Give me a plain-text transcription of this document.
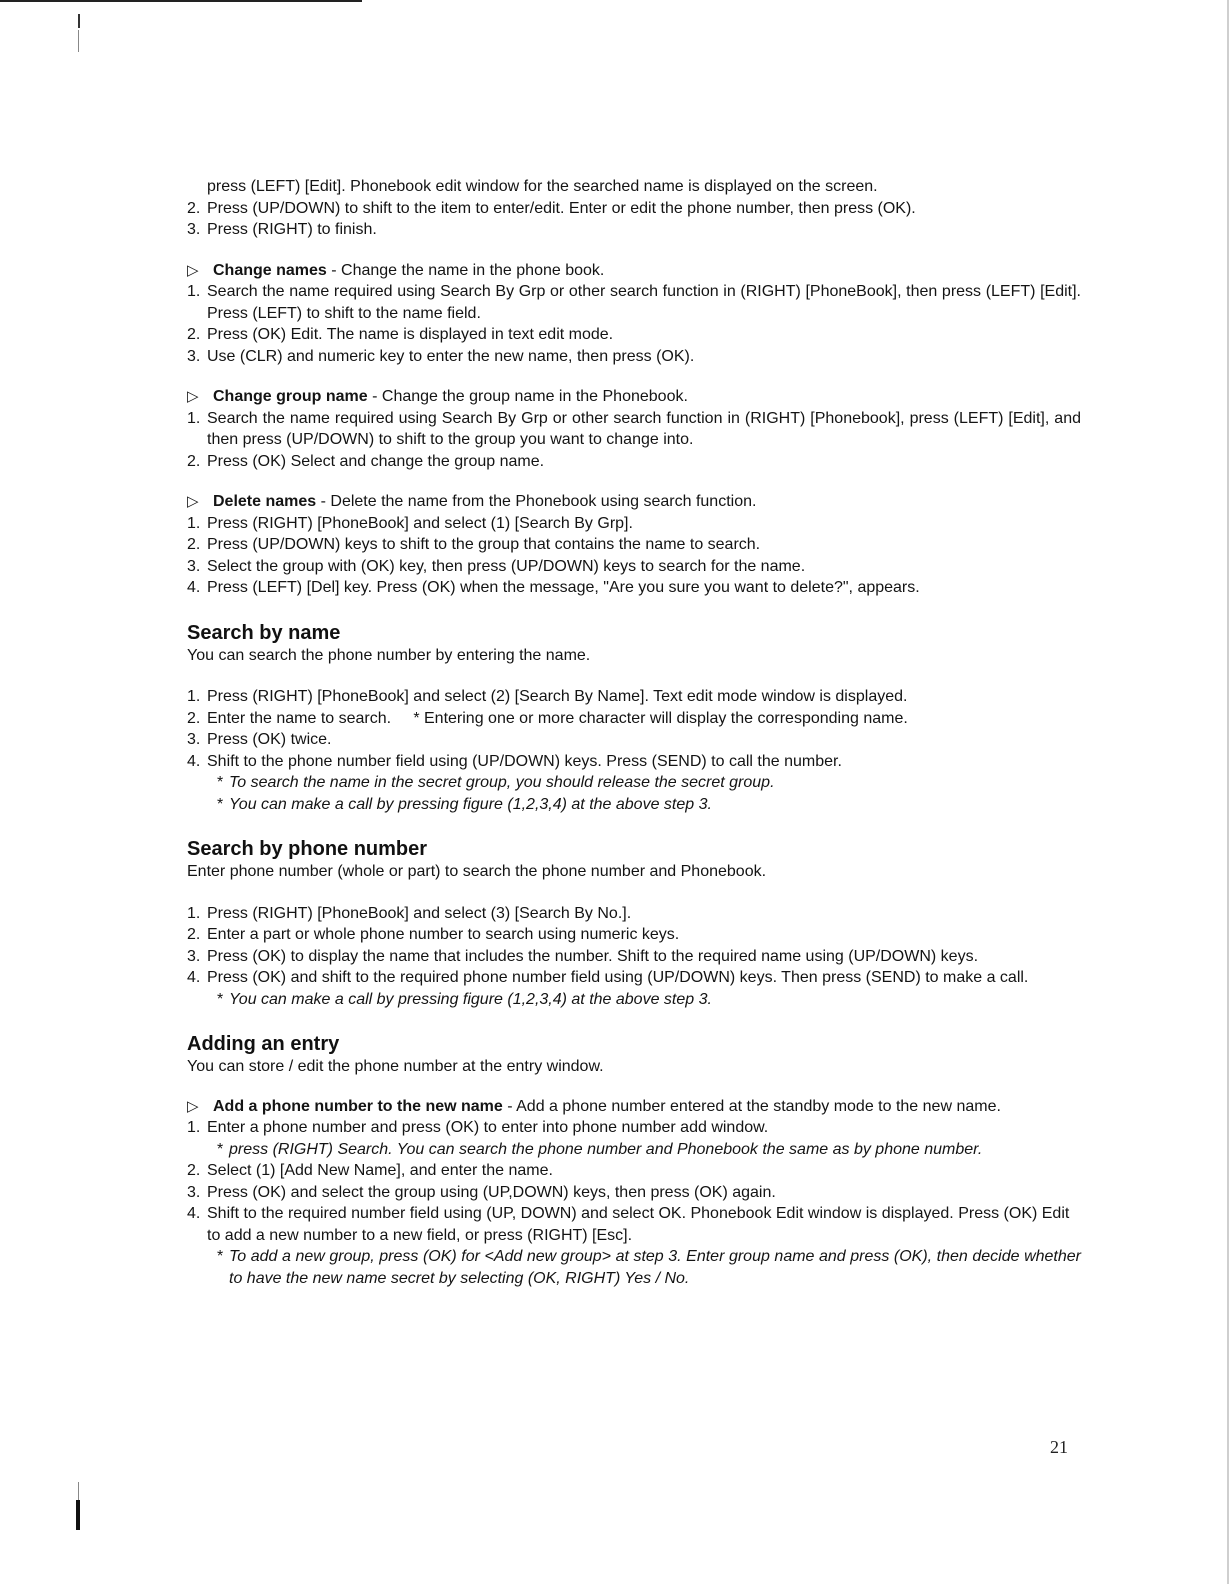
press (LEFT) [Edit]. Phonebook edit window for the searched name is displayed on the screen.

2. Press (UP/DOWN) to shift to the item to enter/edit. Enter or edit the phone number, then press (OK).
3. Press (RIGHT) to finish.

▷ Change names - Change the name in the phone book.

1. Search the name required using Search By Grp or other search function in (RIGHT) [PhoneBook], then press (LEFT) [Edit]. Press (LEFT) to shift to the name field.
2. Press (OK) Edit. The name is displayed in text edit mode.
3. Use (CLR) and numeric key to enter the new name, then press (OK).

▷ Change group name - Change the group name in the Phonebook.

1. Search the name required using Search By Grp or other search function in (RIGHT) [Phonebook], press (LEFT) [Edit], and then press (UP/DOWN) to shift to the group you want to change into.
2. Press (OK) Select and change the group name.

▷ Delete names - Delete the name from the Phonebook using search function.

1. Press (RIGHT) [PhoneBook] and select (1) [Search By Grp].
2. Press (UP/DOWN) keys to shift to the group that contains the name to search.
3. Select the group with (OK) key, then press (UP/DOWN) keys to search for the name.
4. Press (LEFT) [Del] key. Press (OK) when the message, "Are you sure you want to delete?", appears.
Search by name

You can search the phone number by entering the name.

1. Press (RIGHT) [PhoneBook] and select (2) [Search By Name]. Text edit mode window is displayed.
2. Enter the name to search.     * Entering one or more character will display the corresponding name.
3. Press (OK) twice.
4. Shift to the phone number field using (UP/DOWN) keys. Press (SEND) to call the number.

* To search the name in the secret group, you should release the secret group.

* You can make a call by pressing figure (1,2,3,4) at the above step 3.

Search by phone number

Enter phone number (whole or part) to search the phone number and Phonebook.

1. Press (RIGHT) [PhoneBook] and select (3) [Search By No.].
2. Enter a part or whole phone number to search using numeric keys.
3. Press (OK) to display the name that includes the number. Shift to the required name using (UP/DOWN) keys.
4. Press (OK) and shift to the required phone number field using (UP/DOWN) keys. Then press (SEND) to make a call.

* You can make a call by pressing figure (1,2,3,4) at the above step 3.

Adding an entry

You can store / edit the phone number at the entry window.

▷ Add a phone number to the new name - Add a phone number entered at the standby mode to the new name.

1. Enter a phone number and press (OK) to enter into phone number add window.
* press (RIGHT) Search. You can search the phone number and Phonebook the same as by phone number.
2. Select (1) [Add New Name], and enter the name.
3. Press (OK) and select the group using (UP,DOWN) keys, then press (OK) again.
4. Shift to the required number field using (UP, DOWN) and select OK. Phonebook Edit window is displayed. Press (OK) Edit to add a new number to a new field, or press (RIGHT) [Esc].
* To add a new group, press (OK) for <Add new group> at step 3. Enter group name and press (OK), then decide whether to have the new name secret by selecting (OK, RIGHT) Yes / No.
21
